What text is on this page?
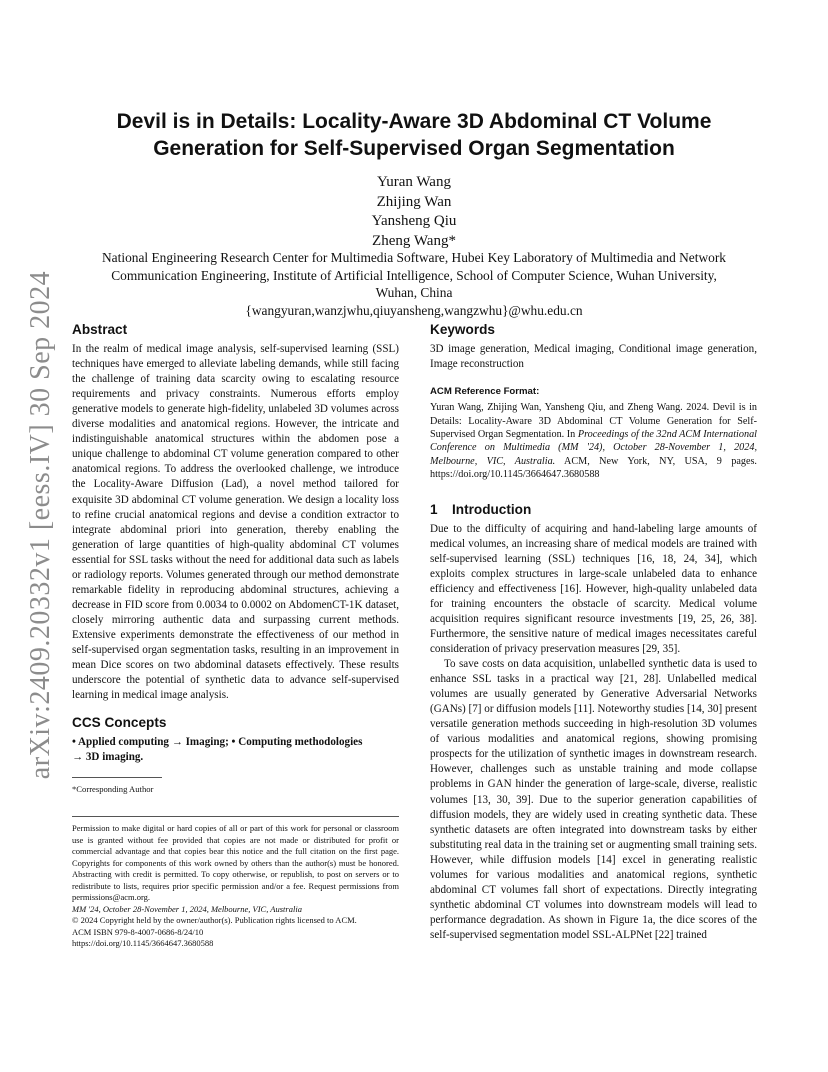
arXiv:2409.20332v1 [eess.IV] 30 Sep 2024
Devil is in Details: Locality-Aware 3D Abdominal CT Volume
Generation for Self-Supervised Organ Segmentation
Yuran Wang
Zhijing Wan
Yansheng Qiu
Zheng Wang*
National Engineering Research Center for Multimedia Software, Hubei Key Laboratory of Multimedia and Network
Communication Engineering, Institute of Artificial Intelligence, School of Computer Science, Wuhan University,
Wuhan, China
{wangyuran,wanzjwhu,qiuyansheng,wangzwhu}@whu.edu.cn
Abstract

In the realm of medical image analysis, self-supervised learning (SSL) techniques have emerged to alleviate labeling demands, while still facing the challenge of training data scarcity owing to escalating resource requirements and privacy constraints. Numerous efforts employ generative models to generate high-fidelity, unlabeled 3D volumes across diverse modalities and anatomical regions. However, the intricate and indistinguishable anatomical structures within the abdomen pose a unique challenge to abdominal CT volume generation compared to other anatomical regions. To address the overlooked challenge, we introduce the Locality-Aware Diffusion (Lad), a novel method tailored for exquisite 3D abdominal CT volume generation. We design a locality loss to refine crucial anatomical regions and devise a condition extractor to integrate abdominal priori into generation, thereby enabling the generation of large quantities of high-quality abdominal CT volumes essential for SSL tasks without the need for additional data such as labels or radiology reports. Volumes generated through our method demonstrate remarkable fidelity in reproducing abdominal structures, achieving a decrease in FID score from 0.0034 to 0.0002 on AbdomenCT-1K dataset, closely mirroring authentic data and surpassing current methods. Extensive experiments demonstrate the effectiveness of our method in self-supervised organ segmentation tasks, resulting in an improvement in mean Dice scores on two abdominal datasets effectively. These results underscore the potential of synthetic data to advance self-supervised learning in medical image analysis.

CCS Concepts

• Applied computing → Imaging; • Computing methodologies

→ 3D imaging.

*Corresponding Author

Permission to make digital or hard copies of all or part of this work for personal or classroom use is granted without fee provided that copies are not made or distributed for profit or commercial advantage and that copies bear this notice and the full citation on the first page. Copyrights for components of this work owned by others than the author(s) must be honored. Abstracting with credit is permitted. To copy otherwise, or republish, to post on servers or to redistribute to lists, requires prior specific permission and/or a fee. Request permissions from permissions@acm.org.

MM '24, October 28-November 1, 2024, Melbourne, VIC, Australia

© 2024 Copyright held by the owner/author(s). Publication rights licensed to ACM.

ACM ISBN 979-8-4007-0686-8/24/10

https://doi.org/10.1145/3664647.3680588

Keywords

3D image generation, Medical imaging, Conditional image generation, Image reconstruction

ACM Reference Format:

Yuran Wang, Zhijing Wan, Yansheng Qiu, and Zheng Wang. 2024. Devil is in Details: Locality-Aware 3D Abdominal CT Volume Generation for Self-Supervised Organ Segmentation. In Proceedings of the 32nd ACM International Conference on Multimedia (MM '24), October 28-November 1, 2024, Melbourne, VIC, Australia. ACM, New York, NY, USA, 9 pages. https://doi.org/10.1145/3664647.3680588

1 Introduction

Due to the difficulty of acquiring and hand-labeling large amounts of medical volumes, an increasing share of medical models are trained with self-supervised learning (SSL) techniques [16, 18, 24, 34], which exploits complex structures in large-scale unlabeled data to enhance efficiency and effectiveness [16]. However, high-quality unlabeled data for training encounters the obstacle of scarcity. Medical volume acquisition requires significant resource investments [19, 25, 26, 38]. Furthermore, the sensitive nature of medical images necessitates careful consideration of privacy preservation measures [29, 35].

To save costs on data acquisition, unlabelled synthetic data is used to enhance SSL tasks in a practical way [21, 28]. Unlabelled medical volumes are usually generated by Generative Adversarial Networks (GANs) [7] or diffusion models [11]. Noteworthy studies [14, 30] present versatile generation methods succeeding in high-resolution 3D volumes of various modalities and anatomical regions, showing promising prospects for the utilization of synthetic images in downstream research. However, challenges such as unstable training and mode collapse problems in GAN hinder the generation of large-scale, diverse, realistic volumes [13, 30, 39]. Due to the superior generation capabilities of diffusion models, they are widely used in creating synthetic data. These synthetic datasets are often integrated into downstream tasks by either substituting real data in the training set or augmenting small training sets. However, while diffusion models [14] excel in generating realistic volumes for various modalities and anatomical regions, synthetic abdominal CT volumes fall short of expectations. Directly integrating synthetic abdominal CT volumes into downstream models will lead to performance degradation. As shown in Figure 1a, the dice scores of the self-supervised segmentation model SSL-ALPNet [22] trained
